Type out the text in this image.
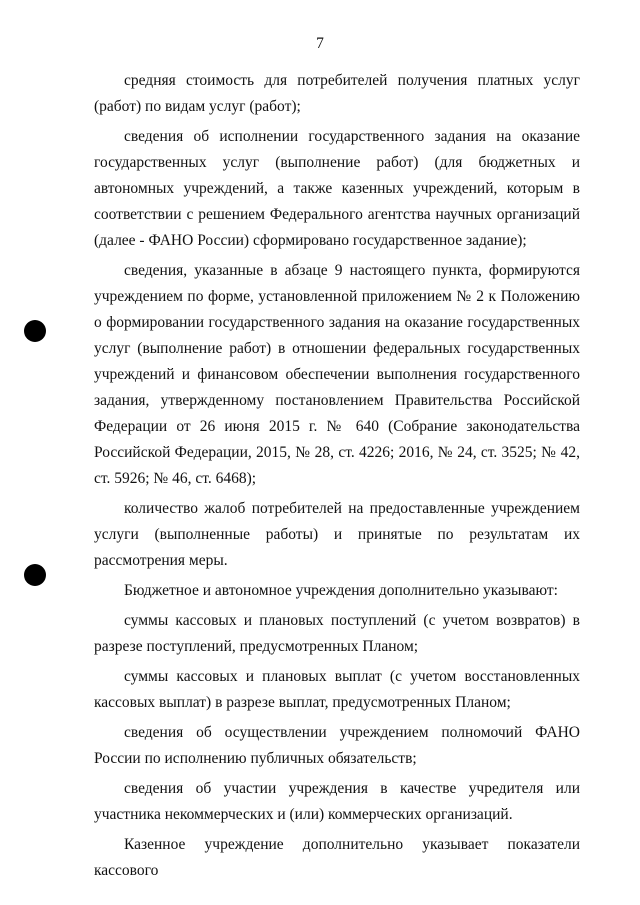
7

средняя стоимость для потребителей получения платных услуг (работ) по видам услуг (работ);

сведения об исполнении государственного задания на оказание государственных услуг (выполнение работ) (для бюджетных и автономных учреждений, а также казенных учреждений, которым в соответствии с решением Федерального агентства научных организаций (далее - ФАНО России) сформировано государственное задание);

сведения, указанные в абзаце 9 настоящего пункта, формируются учреждением по форме, установленной приложением № 2 к Положению о формировании государственного задания на оказание государственных услуг (выполнение работ) в отношении федеральных государственных учреждений и финансовом обеспечении выполнения государственного задания, утвержденному постановлением Правительства Российской Федерации от 26 июня 2015 г. № 640 (Собрание законодательства Российской Федерации, 2015, № 28, ст. 4226; 2016, № 24, ст. 3525; № 42, ст. 5926; № 46, ст. 6468);

количество жалоб потребителей на предоставленные учреждением услуги (выполненные работы) и принятые по результатам их рассмотрения меры.

Бюджетное и автономное учреждения дополнительно указывают:

суммы кассовых и плановых поступлений (с учетом возвратов) в разрезе поступлений, предусмотренных Планом;

суммы кассовых и плановых выплат (с учетом восстановленных кассовых выплат) в разрезе выплат, предусмотренных Планом;

сведения об осуществлении учреждением полномочий ФАНО России по исполнению публичных обязательств;

сведения об участии учреждения в качестве учредителя или участника некоммерческих и (или) коммерческих организаций.

Казенное учреждение дополнительно указывает показатели кассового
